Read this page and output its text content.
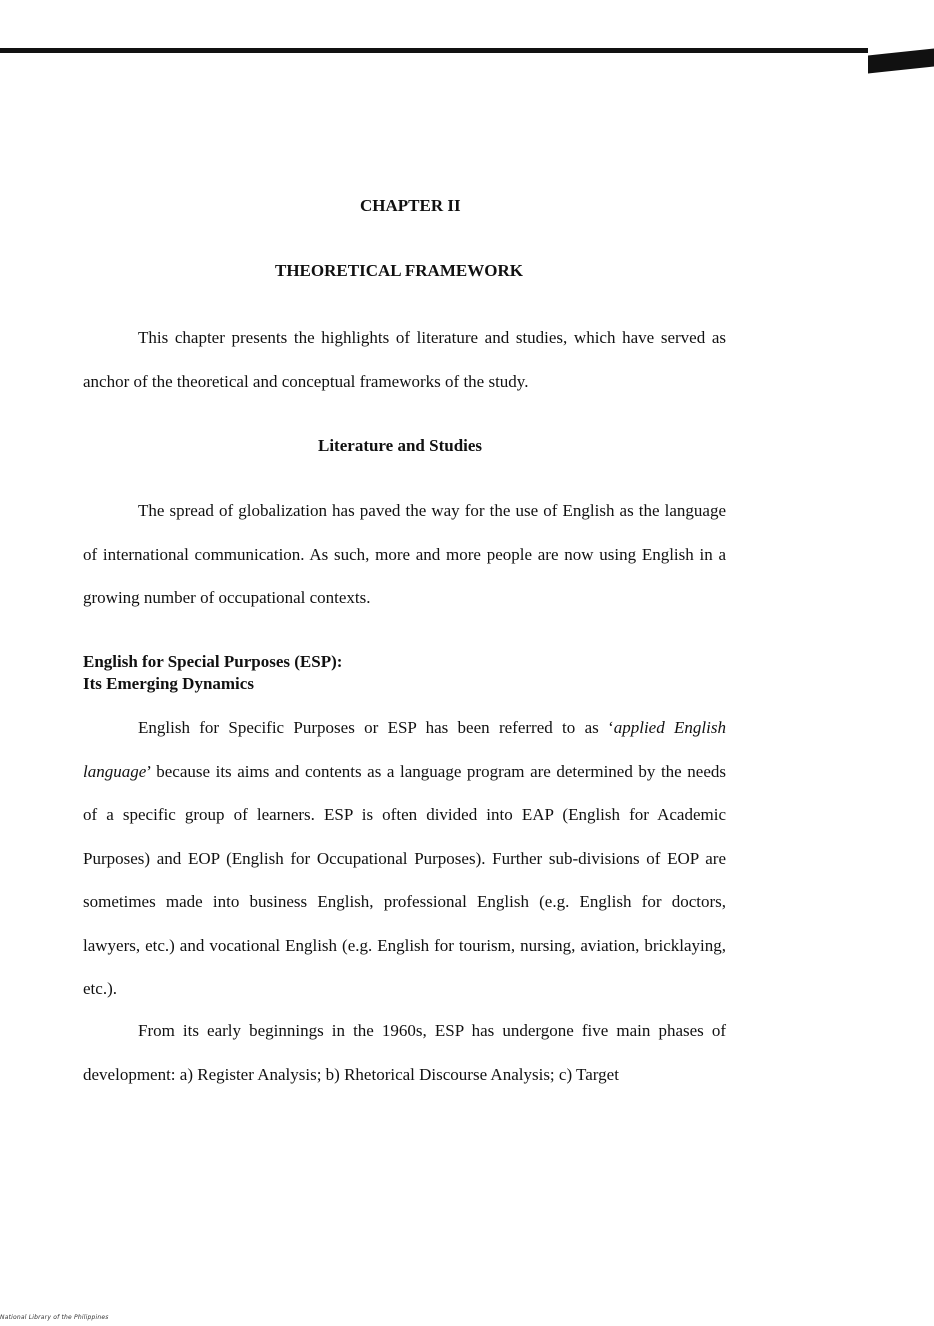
CHAPTER II
THEORETICAL FRAMEWORK

This chapter presents the highlights of literature and studies, which have served as anchor of the theoretical and conceptual frameworks of the study.

Literature and Studies

The spread of globalization has paved the way for the use of English as the language of international communication. As such, more and more people are now using English in a growing number of occupational contexts.

English for Special Purposes (ESP):
Its Emerging Dynamics

English for Specific Purposes or ESP has been referred to as ‘applied English language’ because its aims and contents as a language program are determined by the needs of a specific group of learners. ESP is often divided into EAP (English for Academic Purposes) and EOP (English for Occupational Purposes). Further sub-divisions of EOP are sometimes made into business English, professional English (e.g. English for doctors, lawyers, etc.) and vocational English (e.g. English for tourism, nursing, aviation, bricklaying, etc.).

From its early beginnings in the 1960s, ESP has undergone five main phases of development: a) Register Analysis; b) Rhetorical Discourse Analysis; c) Target

National Library of the Philippines
